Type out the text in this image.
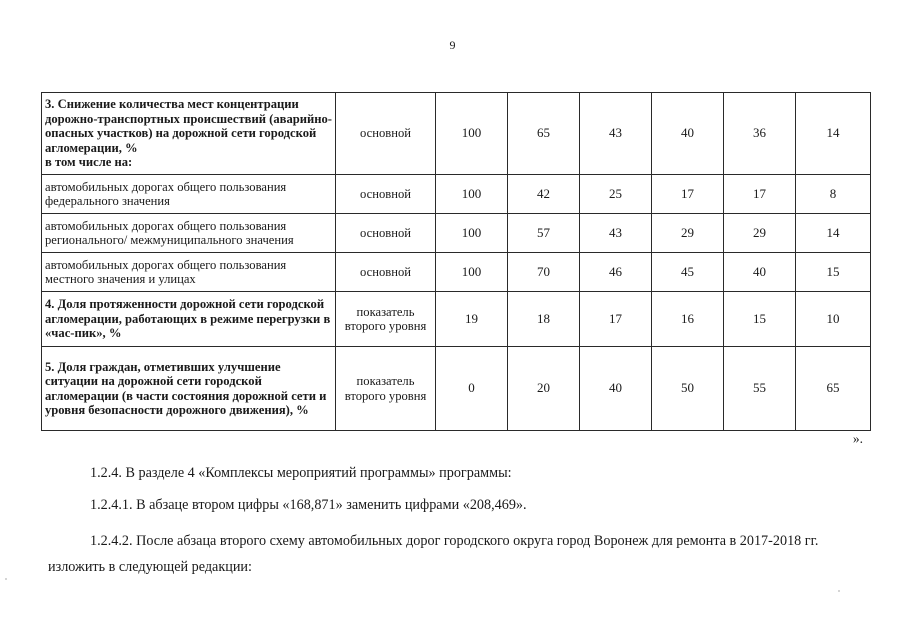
9
3. Снижение количества мест концентрации дорожно-транспортных происшествий (аварийно-опасных участков) на дорожной сети городской агломерации, %
в том числе на:	основной	100	65	43	40	36	14
автомобильных дорогах общего пользования федерального значения	основной	100	42	25	17	17	8
автомобильных дорогах общего пользования регионального/ межмуниципального значения	основной	100	57	43	29	29	14
автомобильных дорогах общего пользования местного значения и улицах	основной	100	70	46	45	40	15
4. Доля протяженности дорожной сети городской агломерации, работающих в режиме перегрузки в «час-пик», %	показатель второго уровня	19	18	17	16	15	10
5. Доля граждан, отметивших улучшение ситуации на дорожной сети городской агломерации (в части состояния дорожной сети и уровня безопасности дорожного движения), %	показатель второго уровня	0	20	40	50	55	65
».
1.2.4. В разделе 4 «Комплексы мероприятий программы» программы:
1.2.4.1. В абзаце втором цифры «168,871» заменить цифрами «208,469».
1.2.4.2. После абзаца второго схему автомобильных дорог городского округа город Воронеж для ремонта в 2017-2018 гг. изложить в следующей редакции:
